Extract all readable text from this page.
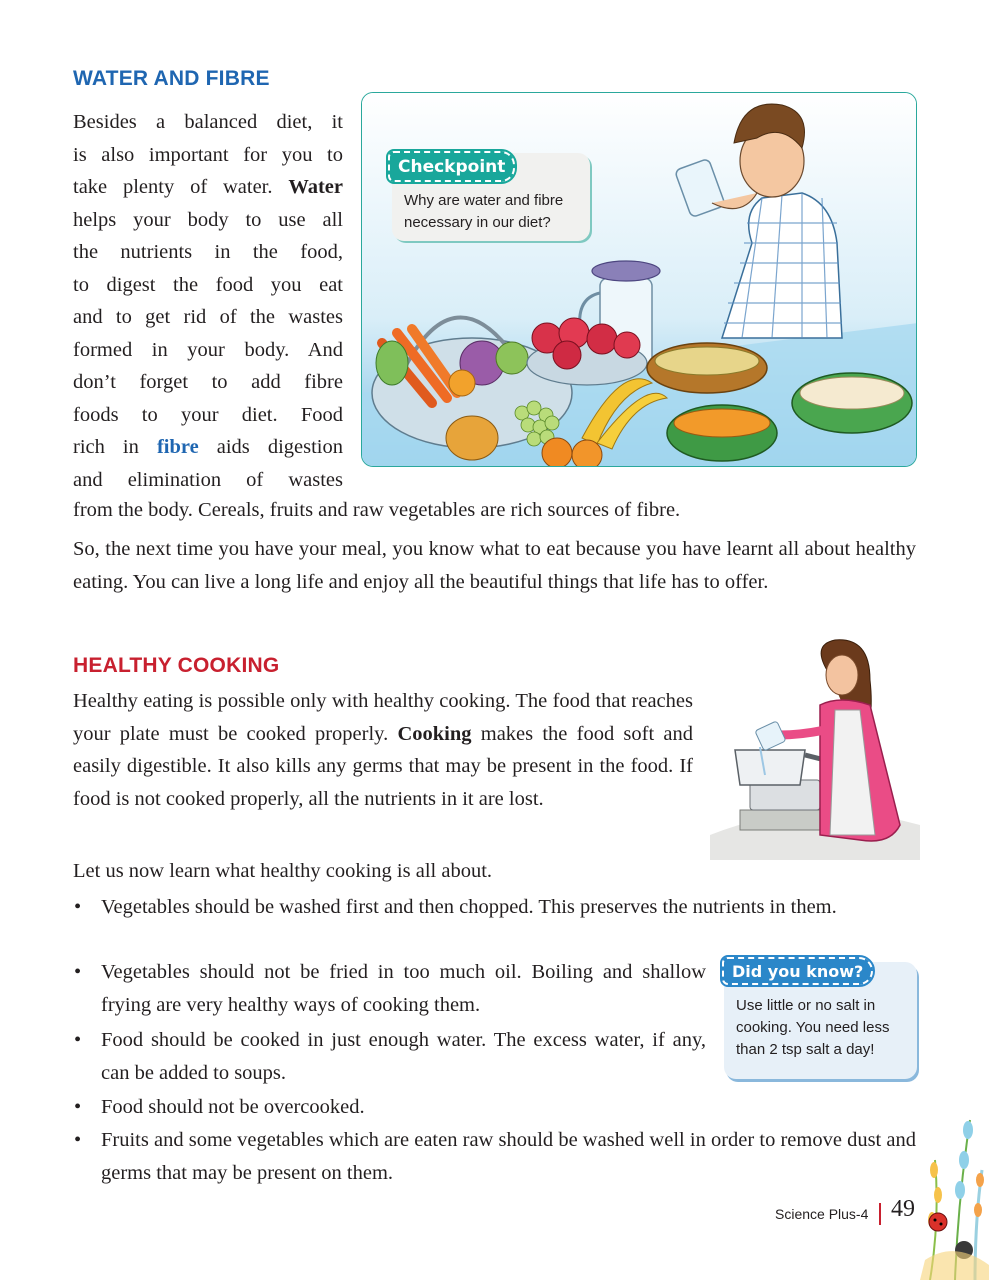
WATER AND FIBRE
Besides a balanced diet, it
is also important for you to
take plenty of water. Water
helps your body to use all
the nutrients in the food,
to digest the food you eat
and to get rid of the wastes
formed in your body. And
don’t forget to add fibre
foods to your diet. Food
rich in fibre aids digestion
and elimination of wastes
from the body. Cereals, fruits and raw vegetables are rich sources of fibre.
So, the next time you have your meal, you know what to eat because you have learnt all about healthy eating. You can live a long life and enjoy all the beautiful things that life has to offer.
Checkpoint
Why are water and fibre necessary in our diet?
HEALTHY COOKING
Healthy eating is possible only with healthy cooking. The food that reaches your plate must be cooked properly. Cooking makes the food soft and easily digestible. It also kills any germs that may be present in the food. If food is not cooked properly, all the nutrients in it are lost.
Let us now learn what healthy cooking is all about.
• Vegetables should be washed first and then chopped. This preserves the nutrients in them.
• Vegetables should not be fried in too much oil. Boiling and shallow frying are very healthy ways of cooking them.
• Food should be cooked in just enough water. The excess water, if any, can be added to soups.
• Food should not be overcooked.
• Fruits and some vegetables which are eaten raw should be washed well in order to remove dust and germs that may be present on them.
Did you know?
Use little or no salt in cooking. You need less than 2 tsp salt a day!
Science Plus-4 49
